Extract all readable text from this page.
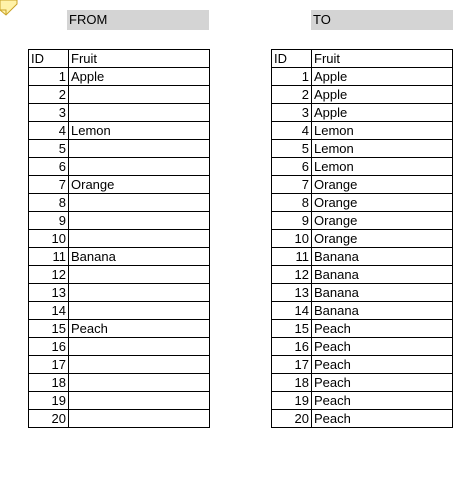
FROM	TO
ID	Fruit
1	Apple
2	
3	
4	Lemon
5	
6	
7	Orange
8	
9	
10	
11	Banana
12	
13	
14	
15	Peach
16	
17	
18	
19	
20	
ID	Fruit
1	Apple
2	Apple
3	Apple
4	Lemon
5	Lemon
6	Lemon
7	Orange
8	Orange
9	Orange
10	Orange
11	Banana
12	Banana
13	Banana
14	Banana
15	Peach
16	Peach
17	Peach
18	Peach
19	Peach
20	Peach
